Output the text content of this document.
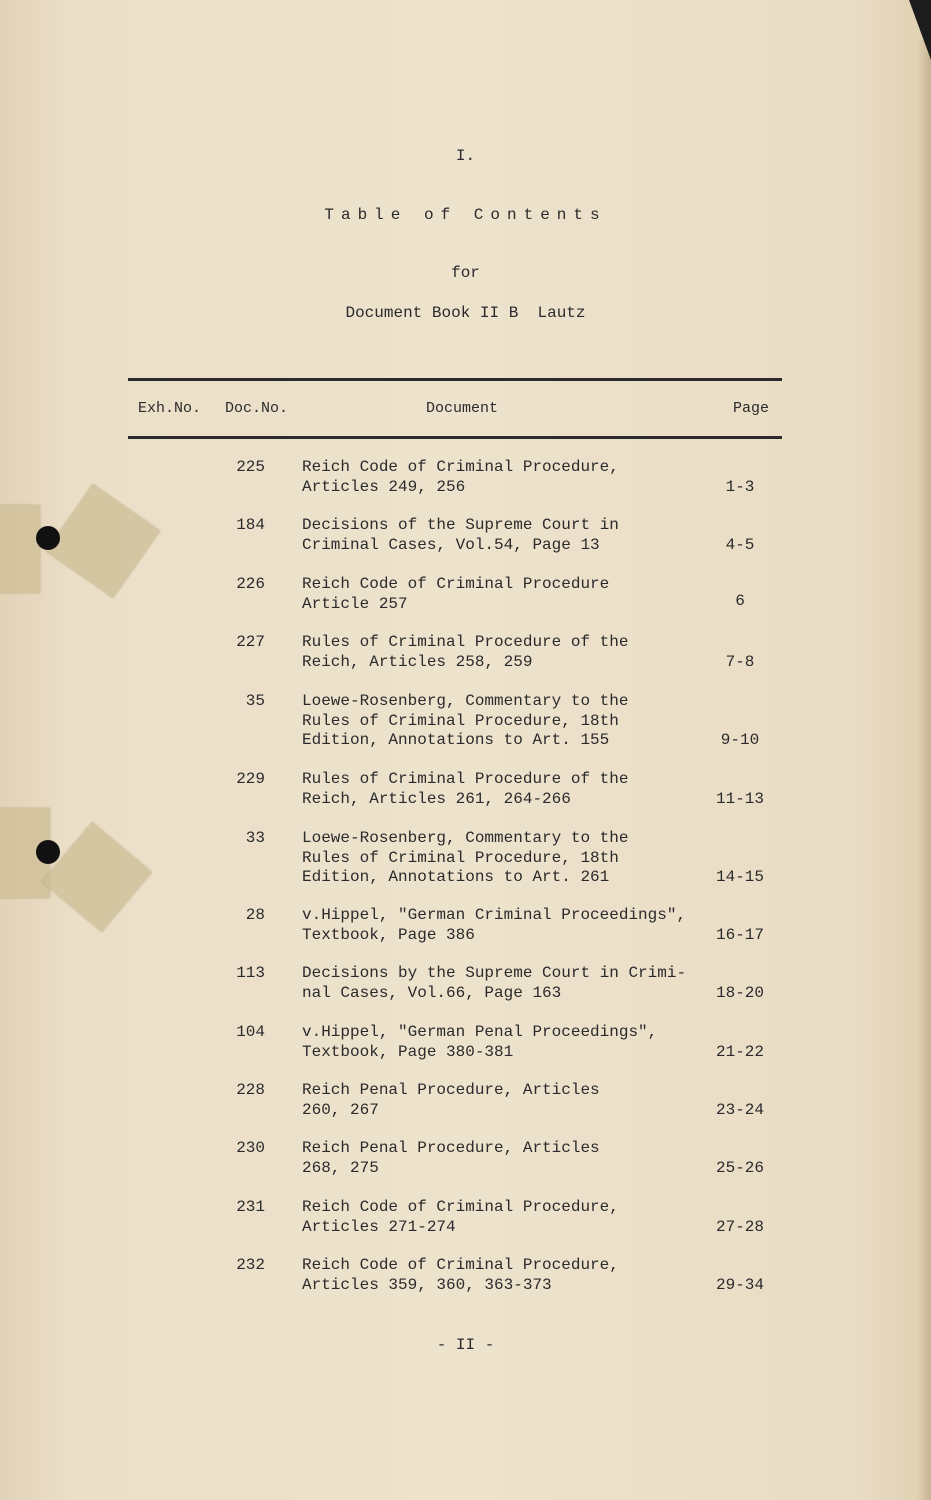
I.
Table of Contents
for
Document Book II B  Lautz
Exh.No. Doc.No.	Document	Page
225 Reich Code of Criminal Procedure,
Articles 249, 256	1-3
184 Decisions of the Supreme Court in
Criminal Cases, Vol.54, Page 13	4-5
226 Reich Code of Criminal Procedure
Article 257	6
227 Rules of Criminal Procedure of the
Reich, Articles 258, 259	7-8
35 Loewe-Rosenberg, Commentary to the
Rules of Criminal Procedure, 18th
Edition, Annotations to Art. 155	9-10
229 Rules of Criminal Procedure of the
Reich, Articles 261, 264-266	11-13
33 Loewe-Rosenberg, Commentary to the
Rules of Criminal Procedure, 18th
Edition, Annotations to Art. 261	14-15
28 v.Hippel, "German Criminal Proceedings",
Textbook, Page 386	16-17
113 Decisions by the Supreme Court in Crimi-
nal Cases, Vol.66, Page 163	18-20
104 v.Hippel, "German Penal Proceedings",
Textbook, Page 380-381	21-22
228 Reich Penal Procedure, Articles
260, 267	23-24
230 Reich Penal Procedure, Articles
268, 275	25-26
231 Reich Code of Criminal Procedure,
Articles 271-274	27-28
232 Reich Code of Criminal Procedure,
Articles 359, 360, 363-373	29-34
- II -
